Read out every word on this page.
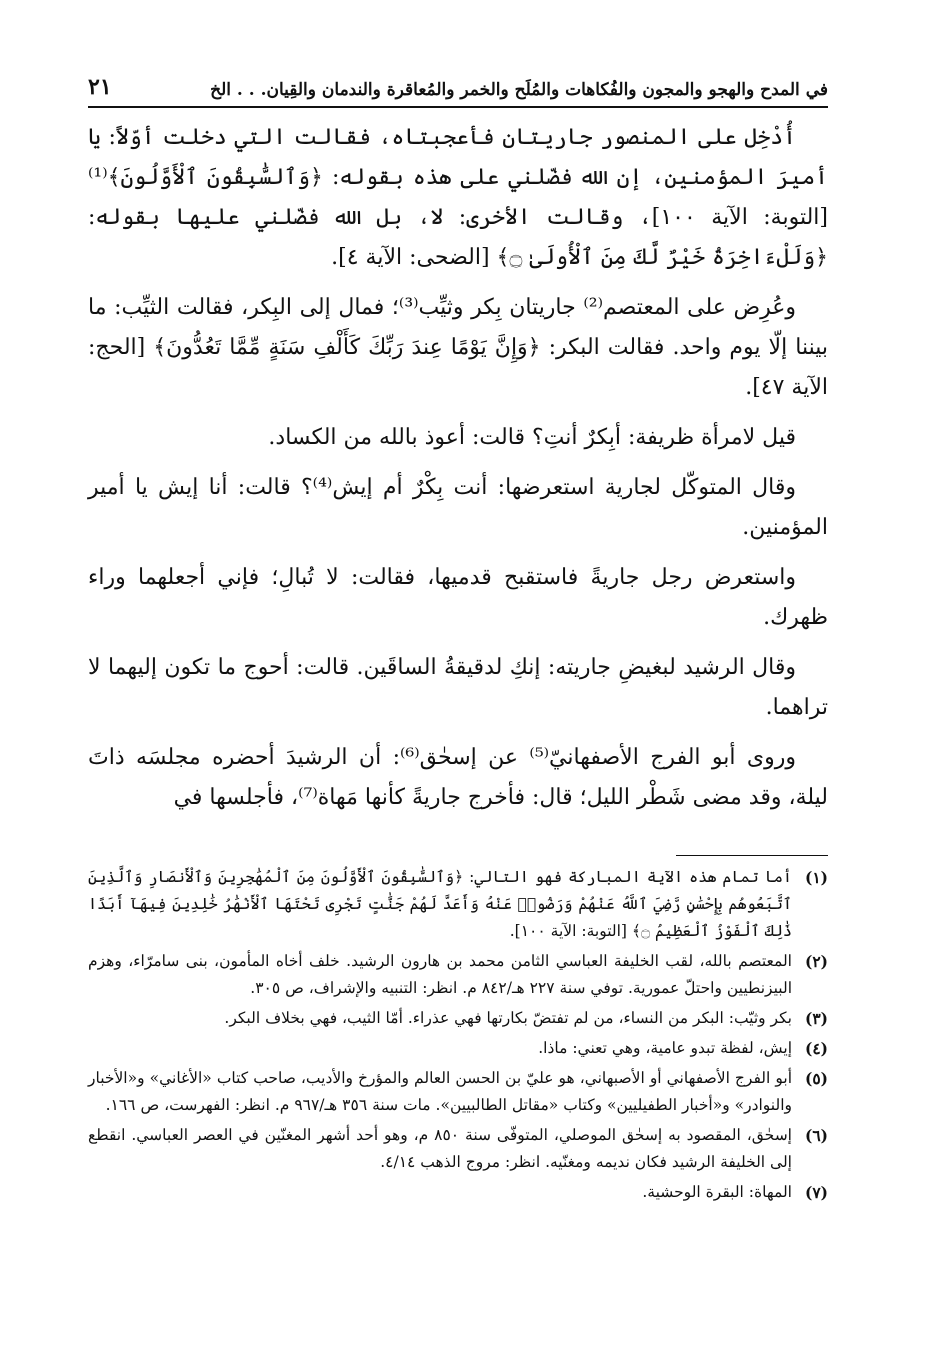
في المدح والهجو والمجون والفُكاهات والمُلَح والخمر والمُعاقرة والندمان والقِيان. . . الخ
٢١

أُدْخِل على المنصور جاريتان فأعجبتاه، فقالت التي دخلت أوّلاً: يا أميرَ المؤمنين، إن الله فضّلني على هذه بقوله: ﴿وَٱلسَّٰبِقُونَ ٱلْأَوَّلُونَ﴾⁽¹⁾ [التوبة: الآية ١٠٠]، وقالت الأخرى: لا، بل الله فضّلني عليها بقوله: ﴿وَلَلْءَاخِرَةُ خَيْرٌ لَّكَ مِنَ ٱلْأُولَىٰ ۝﴾ [الضحى: الآية ٤].

وعُرِض على المعتصم⁽²⁾ جاريتان بِكر وثيِّب⁽³⁾؛ فمال إلى البِكر، فقالت الثيِّب: ما بيننا إلّا يوم واحد. فقالت البكر: ﴿وَإِنَّ يَوْمًا عِندَ رَبِّكَ كَأَلْفِ سَنَةٍ مِّمَّا تَعُدُّونَ﴾ [الحج: الآية ٤٧].

قيل لامرأة ظريفة: أبِكرٌ أنتِ؟ قالت: أعوذ بالله من الكساد.

وقال المتوكّل لجارية استعرضها: أنت بِكْرٌ أم إيش⁽⁴⁾؟ قالت: أنا إيش يا أمير المؤمنين.

واستعرض رجل جاريةً فاستقبح قدميها، فقالت: لا تُبالِ؛ فإني أجعلهما وراء ظهرك.

وقال الرشيد لبغيضِ جاريته: إنكِ لدقيقةُ الساقَين. قالت: أحوج ما تكون إليهما لا تراهما.

وروى أبو الفرج الأصفهانيّ⁽⁵⁾ عن إسحٰق⁽⁶⁾: أن الرشيدَ أحضره مجلسَه ذاتَ ليلة، وقد مضى شَطْر الليل؛ قال: فأخرج جاريةً كأنها مَهاة⁽⁷⁾، فأجلسها في

(١)
أما تمام هذه الآية المباركة فهو التالي: ﴿وَٱلسَّٰبِقُونَ ٱلْأَوَّلُونَ مِنَ ٱلْمُهَٰجِرِينَ وَٱلْأَنصَارِ وَٱلَّذِينَ ٱتَّبَعُوهُم بِإِحْسَٰنٍ رَّضِيَ ٱللَّهُ عَنْهُمْ وَرَضُوا۟ عَنْهُ وَأَعَدَّ لَهُمْ جَنَّٰتٍ تَجْرِى تَحْتَهَا ٱلْأَنْهَٰرُ خَٰلِدِينَ فِيهَآ أَبَدًا ذَٰلِكَ ٱلْفَوْزُ ٱلْعَظِيمُ ۝﴾ [التوبة: الآية ١٠٠].
(٢)
المعتصم بالله، لقب الخليفة العباسي الثامن محمد بن هارون الرشيد. خلف أخاه المأمون، بنى سامرّاء، وهزم البيزنطيين واحتلّ عمورية. توفي سنة ٢٢٧ هـ/٨٤٢ م. انظر: التنبيه والإشراف، ص ٣٠٥.
(٣)
بكر وثيّب: البكر من النساء، من لم تفتضّ بكارتها فهي عذراء. أمّا الثيب، فهي بخلاف البكر.
(٤)
إيش، لفظة تبدو عامية، وهي تعني: ماذا.
(٥)
أبو الفرج الأصفهاني أو الأصبهاني، هو عليّ بن الحسن العالم والمؤرخ والأديب، صاحب كتاب «الأغاني» و«الأخبار والنوادر» و«أخبار الطفيليين» وكتاب «مقاتل الطالبيين». مات سنة ٣٥٦ هـ/٩٦٧ م. انظر: الفهرست، ص ١٦٦.
(٦)
إسحٰق، المقصود به إسحٰق الموصلي، المتوفّى سنة ٨٥٠ م، وهو أحد أشهر المغنّين في العصر العباسي. انقطع إلى الخليفة الرشيد فكان نديمه ومغنّيه. انظر: مروج الذهب ٤/١٤.
(٧)
المهاة: البقرة الوحشية.
